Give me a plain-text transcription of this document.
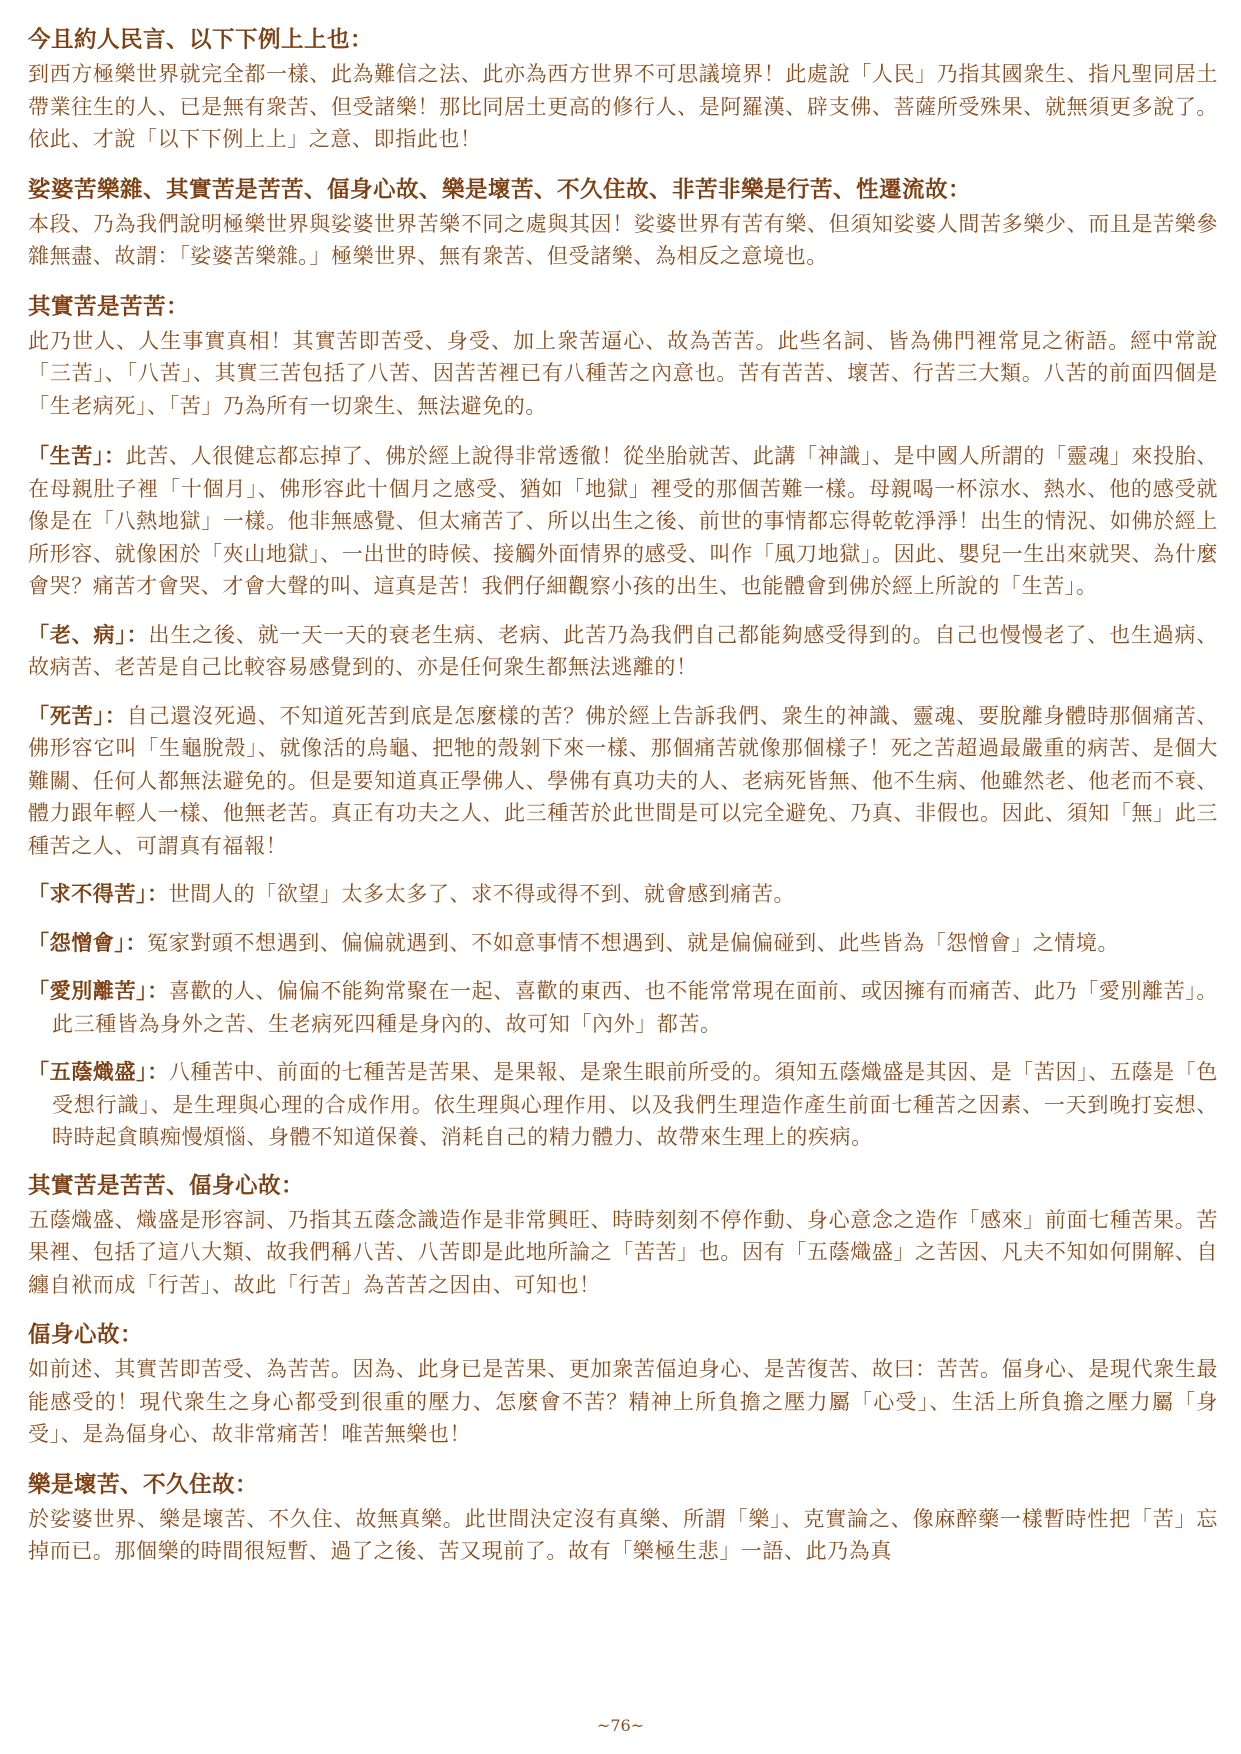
今且約人民言、以下下例上上也：
到西方極樂世界就完全都一樣、此為難信之法、此亦為西方世界不可思議境界！此處說「人民」乃指其國衆生、指凡聖同居土帶業往生的人、已是無有衆苦、但受諸樂！那比同居土更高的修行人、是阿羅漢、辟支佛、菩薩所受殊果、就無須更多說了。依此、才說「以下下例上上」之意、即指此也！
娑婆苦樂雜、其實苦是苦苦、偪身心故、樂是壞苦、不久住故、非苦非樂是行苦、性遷流故：
本段、乃為我們說明極樂世界與娑婆世界苦樂不同之處與其因！娑婆世界有苦有樂、但須知娑婆人間苦多樂少、而且是苦樂參雜無盡、故謂：「娑婆苦樂雜。」極樂世界、無有衆苦、但受諸樂、為相反之意境也。
其實苦是苦苦：
此乃世人、人生事實真相！其實苦即苦受、身受、加上衆苦逼心、故為苦苦。此些名詞、皆為佛門裡常見之術語。經中常說「三苦」、「八苦」、其實三苦包括了八苦、因苦苦裡已有八種苦之內意也。苦有苦苦、壞苦、行苦三大類。八苦的前面四個是「生老病死」、「苦」乃為所有一切衆生、無法避免的。
「生苦」：此苦、人很健忘都忘掉了、佛於經上說得非常透徹！從坐胎就苦、此講「神識」、是中國人所謂的「靈魂」來投胎、在母親肚子裡「十個月」、佛形容此十個月之感受、猶如「地獄」裡受的那個苦難一樣。母親喝一杯涼水、熱水、他的感受就像是在「八熱地獄」一樣。他非無感覺、但太痛苦了、所以出生之後、前世的事情都忘得乾乾淨淨！出生的情況、如佛於經上所形容、就像困於「夾山地獄」、一出世的時候、接觸外面情界的感受、叫作「風刀地獄」。因此、嬰兒一生出來就哭、為什麼會哭？痛苦才會哭、才會大聲的叫、這真是苦！我們仔細觀察小孩的出生、也能體會到佛於經上所說的「生苦」。
「老、病」：出生之後、就一天一天的衰老生病、老病、此苦乃為我們自己都能夠感受得到的。自己也慢慢老了、也生過病、故病苦、老苦是自己比較容易感覺到的、亦是任何衆生都無法逃離的！
「死苦」：自己還沒死過、不知道死苦到底是怎麼樣的苦？佛於經上告訴我們、衆生的神識、靈魂、要脫離身體時那個痛苦、佛形容它叫「生龜脫殼」、就像活的烏龜、把牠的殼剝下來一樣、那個痛苦就像那個樣子！死之苦超過最嚴重的病苦、是個大難關、任何人都無法避免的。但是要知道真正學佛人、學佛有真功夫的人、老病死皆無、他不生病、他雖然老、他老而不衰、體力跟年輕人一樣、他無老苦。真正有功夫之人、此三種苦於此世間是可以完全避免、乃真、非假也。因此、須知「無」此三種苦之人、可謂真有福報！
「求不得苦」：世間人的「欲望」太多太多了、求不得或得不到、就會感到痛苦。
「怨憎會」：冤家對頭不想遇到、偏偏就遇到、不如意事情不想遇到、就是偏偏碰到、此些皆為「怨憎會」之情境。
「愛別離苦」：喜歡的人、偏偏不能夠常聚在一起、喜歡的東西、也不能常常現在面前、或因擁有而痛苦、此乃「愛別離苦」。此三種皆為身外之苦、生老病死四種是身內的、故可知「內外」都苦。
「五蔭熾盛」：八種苦中、前面的七種苦是苦果、是果報、是衆生眼前所受的。須知五蔭熾盛是其因、是「苦因」、五蔭是「色受想行識」、是生理與心理的合成作用。依生理與心理作用、以及我們生理造作產生前面七種苦之因素、一天到晚打妄想、時時起貪瞋痴慢煩惱、身體不知道保養、消耗自己的精力體力、故帶來生理上的疾病。
其實苦是苦苦、偪身心故：
五蔭熾盛、熾盛是形容詞、乃指其五蔭念識造作是非常興旺、時時刻刻不停作動、身心意念之造作「感來」前面七種苦果。苦果裡、包括了這八大類、故我們稱八苦、八苦即是此地所論之「苦苦」也。因有「五蔭熾盛」之苦因、凡夫不知如何開解、自纏自袱而成「行苦」、故此「行苦」為苦苦之因由、可知也！
偪身心故：
如前述、其實苦即苦受、為苦苦。因為、此身已是苦果、更加衆苦偪迫身心、是苦復苦、故曰：苦苦。偪身心、是現代衆生最能感受的！現代衆生之身心都受到很重的壓力、怎麼會不苦？精神上所負擔之壓力屬「心受」、生活上所負擔之壓力屬「身受」、是為偪身心、故非常痛苦！唯苦無樂也！
樂是壞苦、不久住故：
於娑婆世界、樂是壞苦、不久住、故無真樂。此世間決定沒有真樂、所謂「樂」、克實論之、像麻醉藥一樣暫時性把「苦」忘掉而已。那個樂的時間很短暫、過了之後、苦又現前了。故有「樂極生悲」一語、此乃為真
~76~
